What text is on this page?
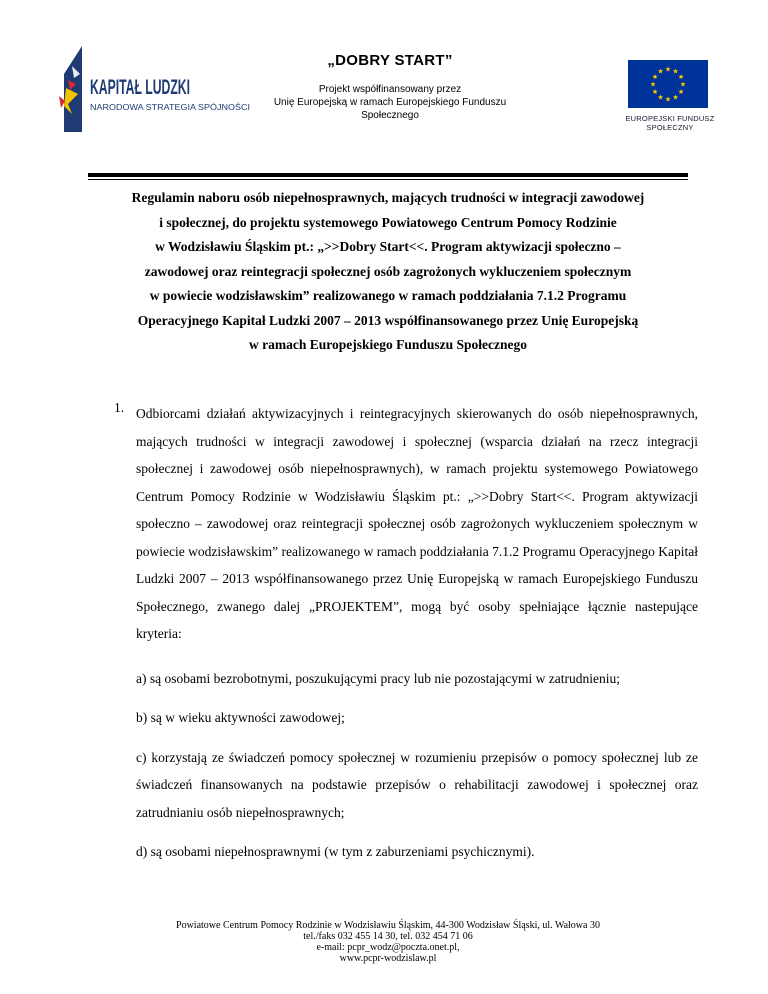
KAPITAŁ LUDZKI
NARODOWA STRATEGIA SPÓJNOŚCI
„DOBRY START”
Projekt współfinansowany przez
Unię Europejską w ramach Europejskiego Funduszu
Społecznego
★ ★
★
★
★
★
★
★
★
★
★
★
EUROPEJSKI FUNDUSZ
SPOŁECZNY
Regulamin naboru osób niepełnosprawnych, mających trudności w integracji zawodowej
i społecznej, do projektu systemowego Powiatowego Centrum Pomocy Rodzinie
w Wodzisławiu Śląskim pt.: „>>Dobry Start<<. Program aktywizacji społeczno –
zawodowej oraz reintegracji społecznej osób zagrożonych wykluczeniem społecznym
w powiecie wodzisławskim” realizowanego w ramach poddziałania 7.1.2 Programu
Operacyjnego Kapitał Ludzki 2007 – 2013 współfinansowanego przez Unię Europejską
w ramach Europejskiego Funduszu Społecznego
1. Odbiorcami działań aktywizacyjnych i reintegracyjnych skierowanych do osób niepełnosprawnych, mających trudności w integracji zawodowej i społecznej (wsparcia działań na rzecz integracji społecznej i zawodowej osób niepełnosprawnych), w ramach projektu systemowego Powiatowego Centrum Pomocy Rodzinie w Wodzisławiu Śląskim pt.: „>>Dobry Start<<. Program aktywizacji społeczno – zawodowej oraz reintegracji społecznej osób zagrożonych wykluczeniem społecznym w powiecie wodzisławskim” realizowanego w ramach poddziałania 7.1.2 Programu Operacyjnego Kapitał Ludzki 2007 – 2013 współfinansowanego przez Unię Europejską w ramach Europejskiego Funduszu Społecznego, zwanego dalej „PROJEKTEM”, mogą być osoby spełniające łącznie nastepujące kryteria:

a) są osobami bezrobotnymi, poszukującymi pracy lub nie pozostającymi w zatrudnieniu;

b) są w wieku aktywności zawodowej;

c) korzystają ze świadczeń pomocy społecznej w rozumieniu przepisów o pomocy społecznej lub ze świadczeń finansowanych na podstawie przepisów o rehabilitacji zawodowej i społecznej oraz zatrudnianiu osób niepełnosprawnych;

d) są osobami niepełnosprawnymi (w tym z zaburzeniami psychicznymi).

Powiatowe Centrum Pomocy Rodzinie w Wodzisławiu Śląskim, 44-300 Wodzisław Śląski, ul. Wałowa 30
tel./faks 032 455 14 30, tel. 032 454 71 06
e-mail: pcpr_wodz@poczta.onet.pl,
www.pcpr-wodzislaw.pl
